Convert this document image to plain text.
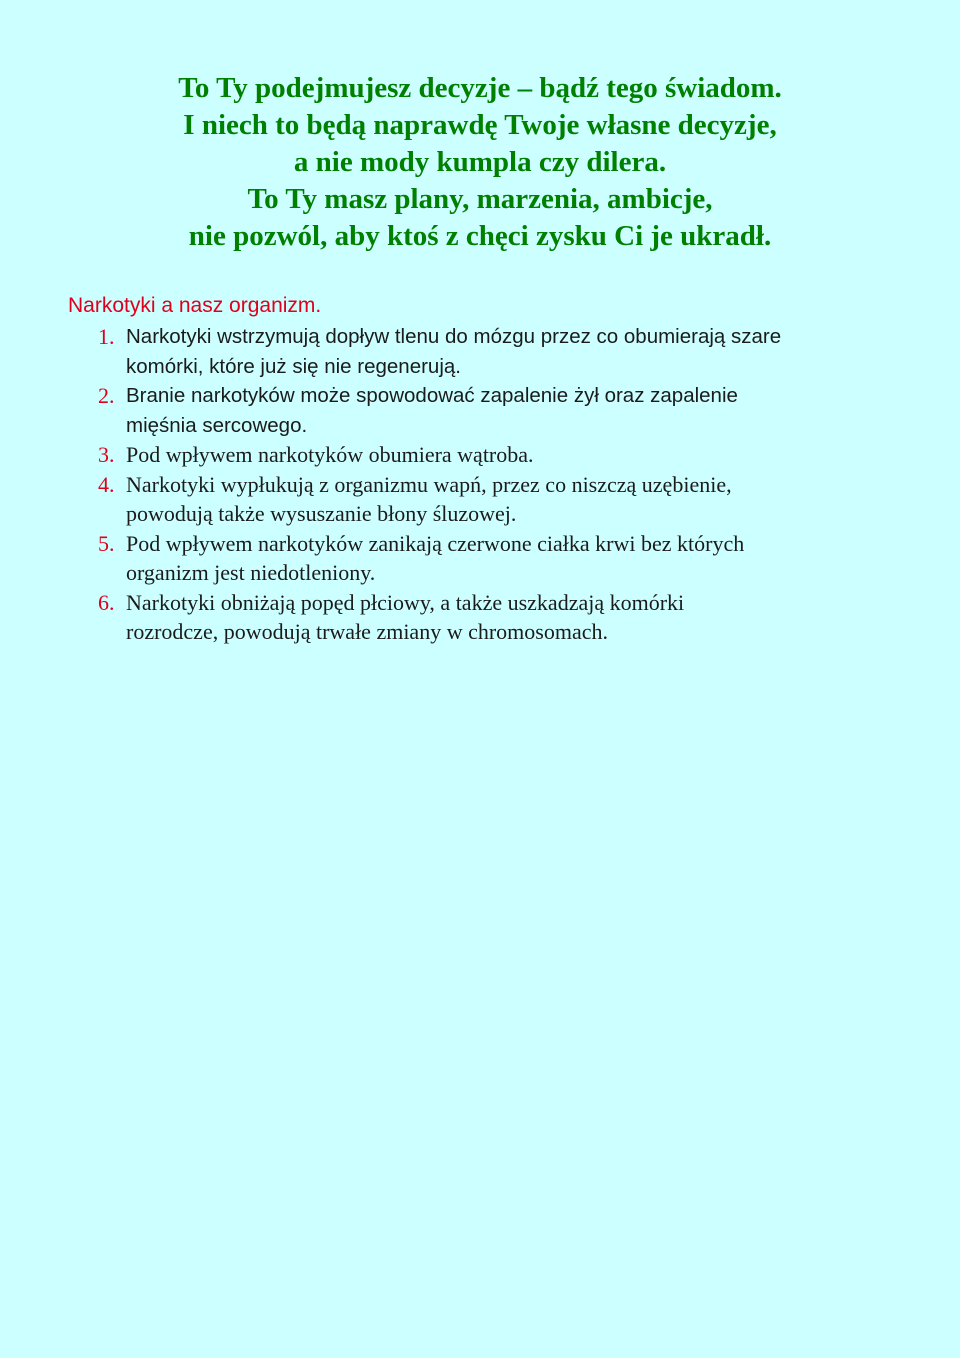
To Ty podejmujesz decyzje – bądź tego świadom.
I niech to będą naprawdę Twoje własne decyzje,
a nie mody kumpla czy dilera.
To Ty masz plany, marzenia, ambicje,
nie pozwól, aby ktoś z chęci zysku Ci je ukradł.
Narkotyki a nasz organizm.
1. Narkotyki wstrzymują dopływ tlenu do mózgu przez co obumierają szare
komórki, które już się nie regenerują.
2. Branie narkotyków może spowodować zapalenie żył oraz zapalenie
mięśnia sercowego.
3. Pod wpływem narkotyków obumiera wątroba.
4. Narkotyki wypłukują z organizmu wapń, przez co niszczą uzębienie,
powodują także wysuszanie błony śluzowej.
5. Pod wpływem narkotyków zanikają czerwone ciałka krwi bez których
organizm jest niedotleniony.
6. Narkotyki obniżają popęd płciowy, a także uszkadzają komórki
rozrodcze, powodują trwałe zmiany w chromosomach.
